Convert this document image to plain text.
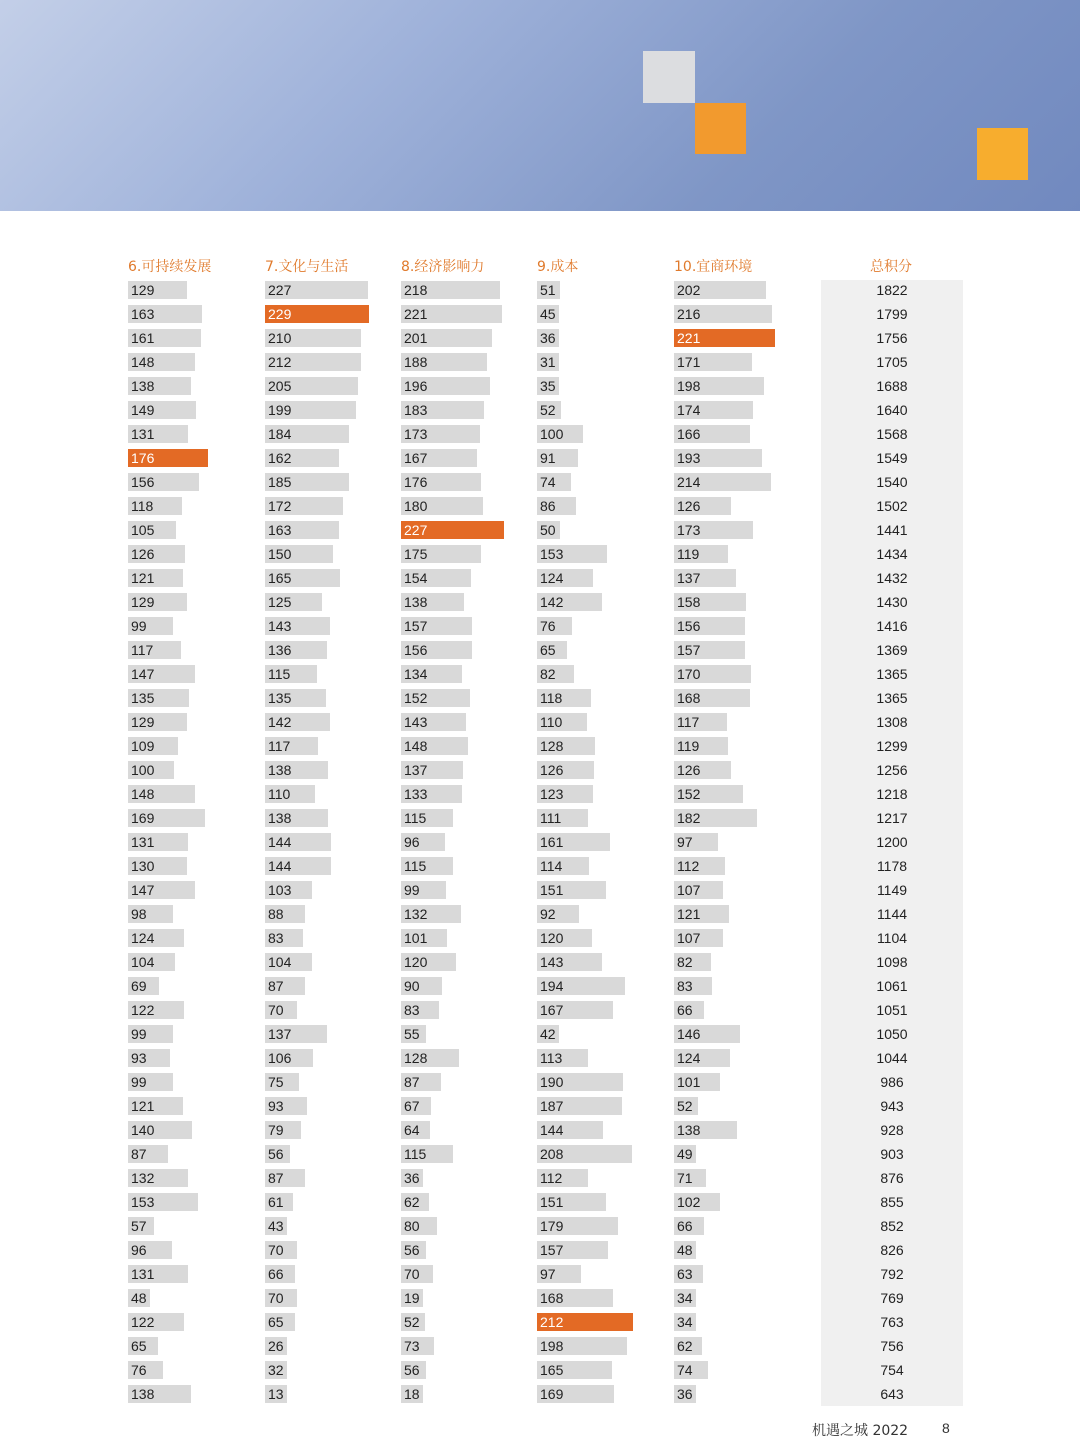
6.可持续发展
129
163
161
148
138
149
131
176
156
118
105
126
121
129
99
117
147
135
129
109
100
148
169
131
130
147
98
124
104
69
122
99
93
99
121
140
87
132
153
57
96
131
48
122
65
76
138
7.文化与生活
227
229
210
212
205
199
184
162
185
172
163
150
165
125
143
136
115
135
142
117
138
110
138
144
144
103
88
83
104
87
70
137
106
75
93
79
56
87
61
43
70
66
70
65
26
32
13
8.经济影响力
218
221
201
188
196
183
173
167
176
180
227
175
154
138
157
156
134
152
143
148
137
133
115
96
115
99
132
101
120
90
83
55
128
87
67
64
115
36
62
80
56
70
19
52
73
56
18
9.成本
51
45
36
31
35
52
100
91
74
86
50
153
124
142
76
65
82
118
110
128
126
123
111
161
114
151
92
120
143
194
167
42
113
190
187
144
208
112
151
179
157
97
168
212
198
165
169
10.宜商环境
202
216
221
171
198
174
166
193
214
126
173
119
137
158
156
157
170
168
117
119
126
152
182
97
112
107
121
107
82
83
66
146
124
101
52
138
49
71
102
66
48
63
34
34
62
74
36
总积分
1822
1799
1756
1705
1688
1640
1568
1549
1540
1502
1441
1434
1432
1430
1416
1369
1365
1365
1308
1299
1256
1218
1217
1200
1178
1149
1144
1104
1098
1061
1051
1050
1044
986
943
928
903
876
855
852
826
792
769
763
756
754
643
机遇之城 2022 8
